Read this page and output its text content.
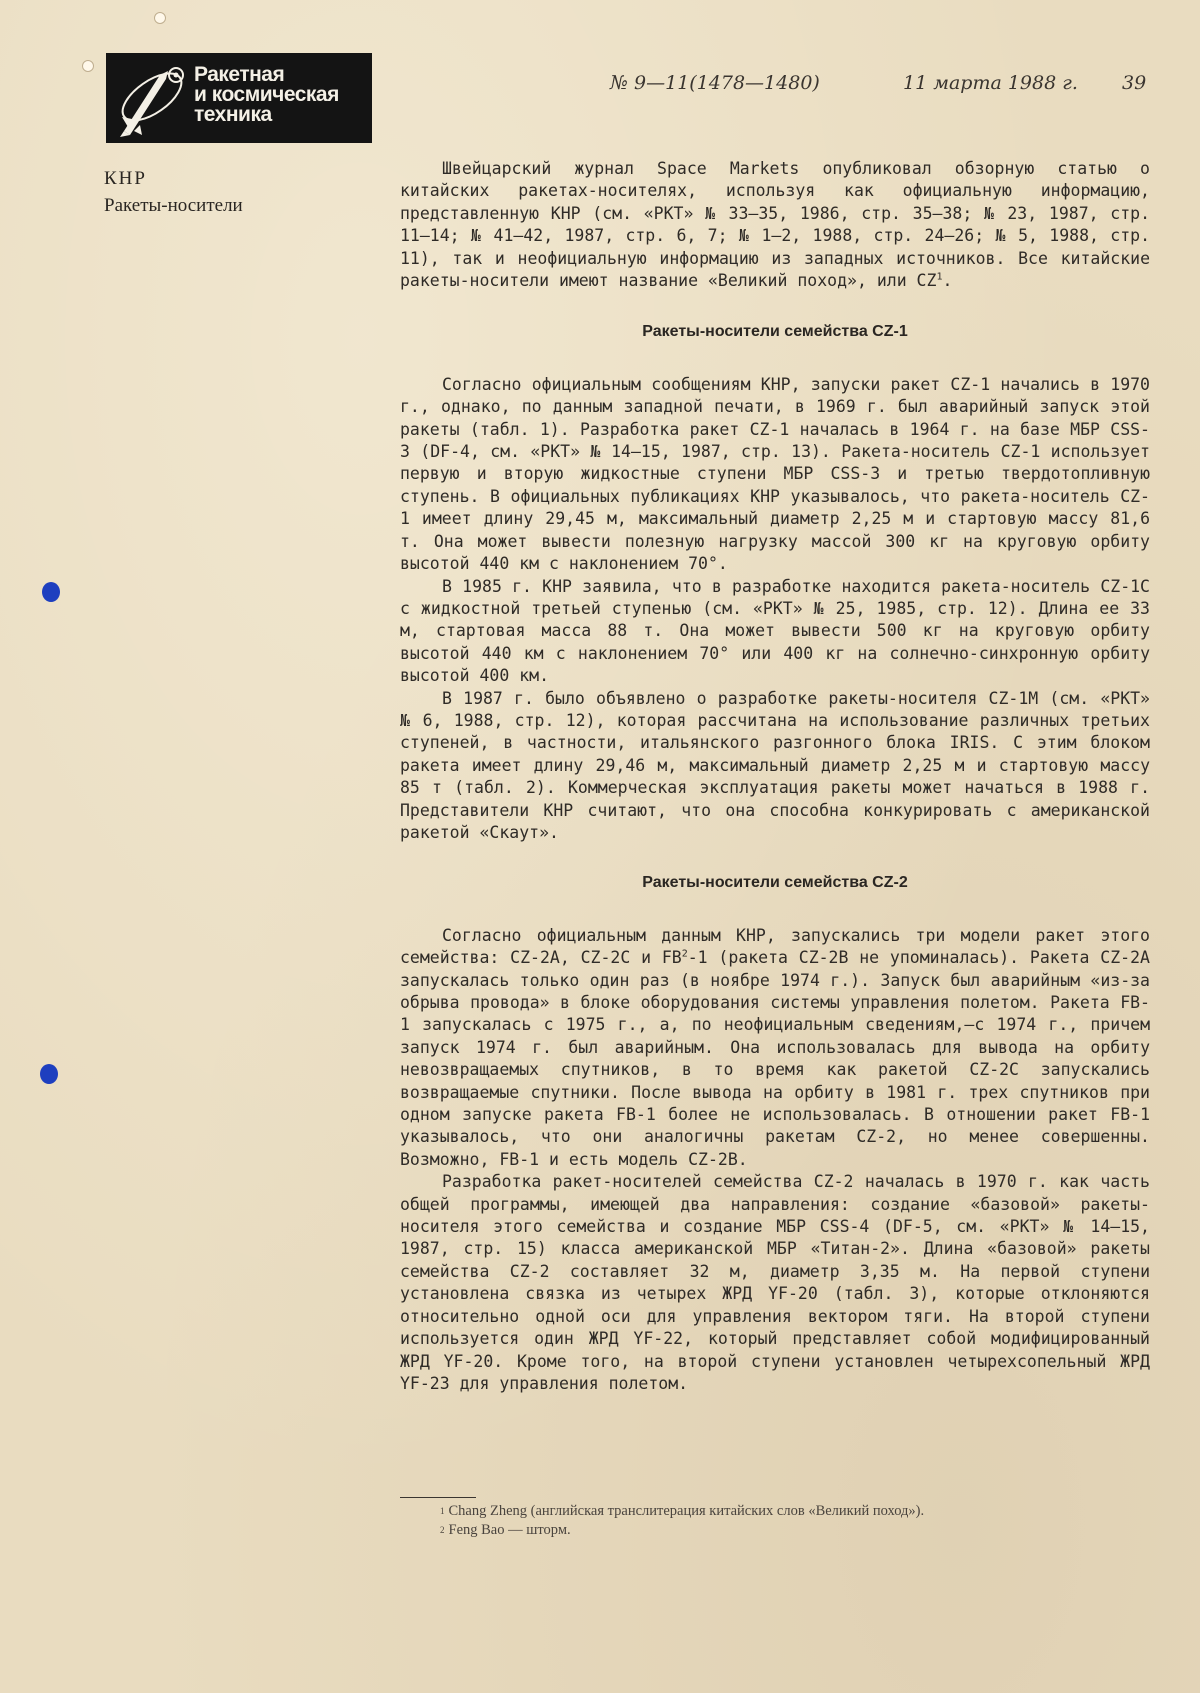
Ракетная
и космическая
техника
№ 9—11(1478—1480)	11 марта 1988 г. 39
КНР
Ракеты-носители

Швейцарский журнал Space Markets опубликовал обзорную статью о китайских ракетах-носителях, используя как официальную информацию, представленную КНР (см. «РКТ» № 33—35, 1986, стр. 35—38; № 23, 1987, стр. 11—14; № 41—42, 1987, стр. 6, 7; № 1—2, 1988, стр. 24—26; № 5, 1988, стр. 11), так и неофициальную информацию из западных источников. Все китайские ракеты-носители имеют название «Великий поход», или $CZ^1$.

Ракеты-носители семейства CZ-1

Согласно официальным сообщениям КНР, запуски ракет CZ-1 начались в 1970 г., однако, по данным западной печати, в 1969 г. был аварийный запуск этой ракеты (табл. 1). Разработка ракет CZ-1 началась в 1964 г. на базе МБР CSS-3 (DF-4, см. «РКТ» № 14—15, 1987, стр. 13). Ракета-носитель CZ-1 использует первую и вторую жидкостные ступени МБР CSS-3 и третью твердотопливную ступень. В официальных публикациях КНР указывалось, что ракета-носитель CZ-1 имеет длину 29,45 м, максимальный диаметр 2,25 м и стартовую массу 81,6 т. Она может вывести полезную нагрузку массой 300 кг на круговую орбиту высотой 440 км с наклонением 70°.

В 1985 г. КНР заявила, что в разработке находится ракета-носитель CZ-1C с жидкостной третьей ступенью (см. «РКТ» № 25, 1985, стр. 12). Длина ее 33 м, стартовая масса 88 т. Она может вывести 500 кг на круговую орбиту высотой 440 км с наклонением 70° или 400 кг на солнечно-синхронную орбиту высотой 400 км.

В 1987 г. было объявлено о разработке ракеты-носителя CZ-1M (см. «РКТ» № 6, 1988, стр. 12), которая рассчитана на использование различных третьих ступеней, в частности, итальянского разгонного блока IRIS. С этим блоком ракета имеет длину 29,46 м, максимальный диаметр 2,25 м и стартовую массу 85 т (табл. 2). Коммерческая эксплуатация ракеты может начаться в 1988 г. Представители КНР считают, что она способна конкурировать с американской ракетой «Скаут».

Ракеты-носители семейства CZ-2

Согласно официальным данным КНР, запускались три модели ракет этого семейства: CZ-2A, CZ-2C и $FB^2-1$ (ракета CZ-2B не упоминалась). Ракета CZ-2A запускалась только один раз (в ноябре 1974 г.). Запуск был аварийным «из-за обрыва провода» в блоке оборудования системы управления полетом. Ракета FB-1 запускалась с 1975 г., а, по неофициальным сведениям,—с 1974 г., причем запуск 1974 г. был аварийным. Она использовалась для вывода на орбиту невозвращаемых спутников, в то время как ракетой CZ-2C запускались возвращаемые спутники. После вывода на орбиту в 1981 г. трех спутников при одном запуске ракета FB-1 более не использовалась. В отношении ракет FB-1 указывалось, что они аналогичны ракетам CZ-2, но менее совершенны. Возможно, FB-1 и есть модель CZ-2B.

Разработка ракет-носителей семейства CZ-2 началась в 1970 г. как часть общей программы, имеющей два направления: создание «базовой» ракеты-носителя этого семейства и создание МБР CSS-4 (DF-5, см. «РКТ» № 14—15, 1987, стр. 15) класса американской МБР «Титан-2». Длина «базовой» ракеты семейства CZ-2 составляет 32 м, диаметр 3,35 м. На первой ступени установлена связка из четырех ЖРД YF-20 (табл. 3), которые отклоняются относительно одной оси для управления вектором тяги. На второй ступени используется один ЖРД YF-22, который представляет собой модифицированный ЖРД YF-20. Кроме того, на второй ступени установлен четырехсопельный ЖРД YF-23 для управления полетом.

$^1$ Chang Zheng (английская транслитерация китайских слов «Великий поход»).
$^2$ Feng Bao — шторм.
